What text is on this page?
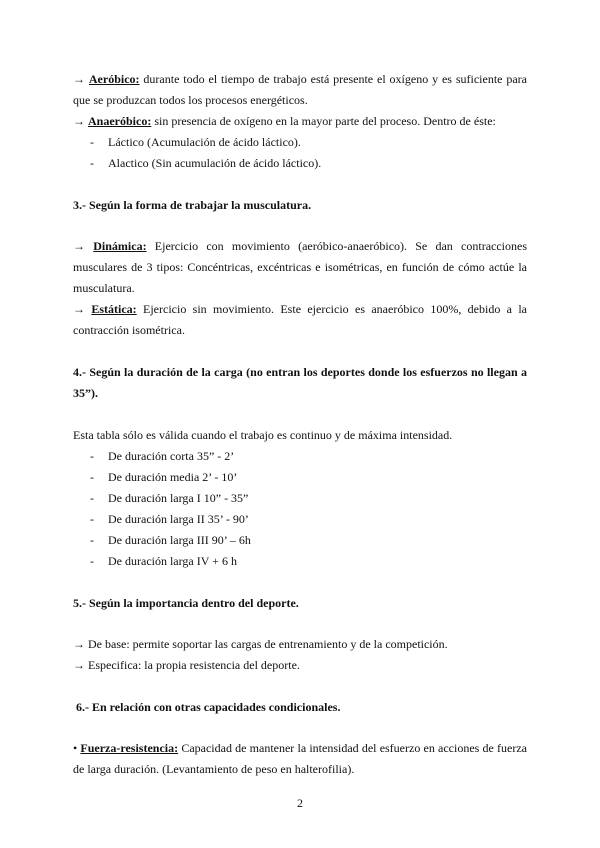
→ Aeróbico: durante todo el tiempo de trabajo está presente el oxígeno y es suficiente para que se produzcan todos los procesos energéticos.

→ Anaeróbico: sin presencia de oxígeno en la mayor parte del proceso. Dentro de éste:

- Láctico (Acumulación de ácido láctico).
- Alactico (Sin acumulación de ácido láctico).

3.- Según la forma de trabajar la musculatura.

→ Dinámica: Ejercicio con movimiento (aeróbico-anaeróbico). Se dan contracciones musculares de 3 tipos: Concéntricas, excéntricas e isométricas, en función de cómo actúe la musculatura.

→ Estática: Ejercicio sin movimiento. Este ejercicio es anaeróbico 100%, debido a la contracción isométrica.

4.- Según la duración de la carga (no entran los deportes donde los esfuerzos no llegan a 35”).

Esta tabla sólo es válida cuando el trabajo es continuo y de máxima intensidad.

- De duración corta 35” - 2’
- De duración media 2’ - 10’
- De duración larga I 10” - 35”
- De duración larga II 35’ - 90’
- De duración larga III 90’ – 6h
- De duración larga IV + 6 h

5.- Según la importancia dentro del deporte.

→ De base: permite soportar las cargas de entrenamiento y de la competición.

→ Especifica: la propia resistencia del deporte.

6.- En relación con otras capacidades condicionales.

• Fuerza-resistencia: Capacidad de mantener la intensidad del esfuerzo en acciones de fuerza de larga duración. (Levantamiento de peso en halterofilia).

2
